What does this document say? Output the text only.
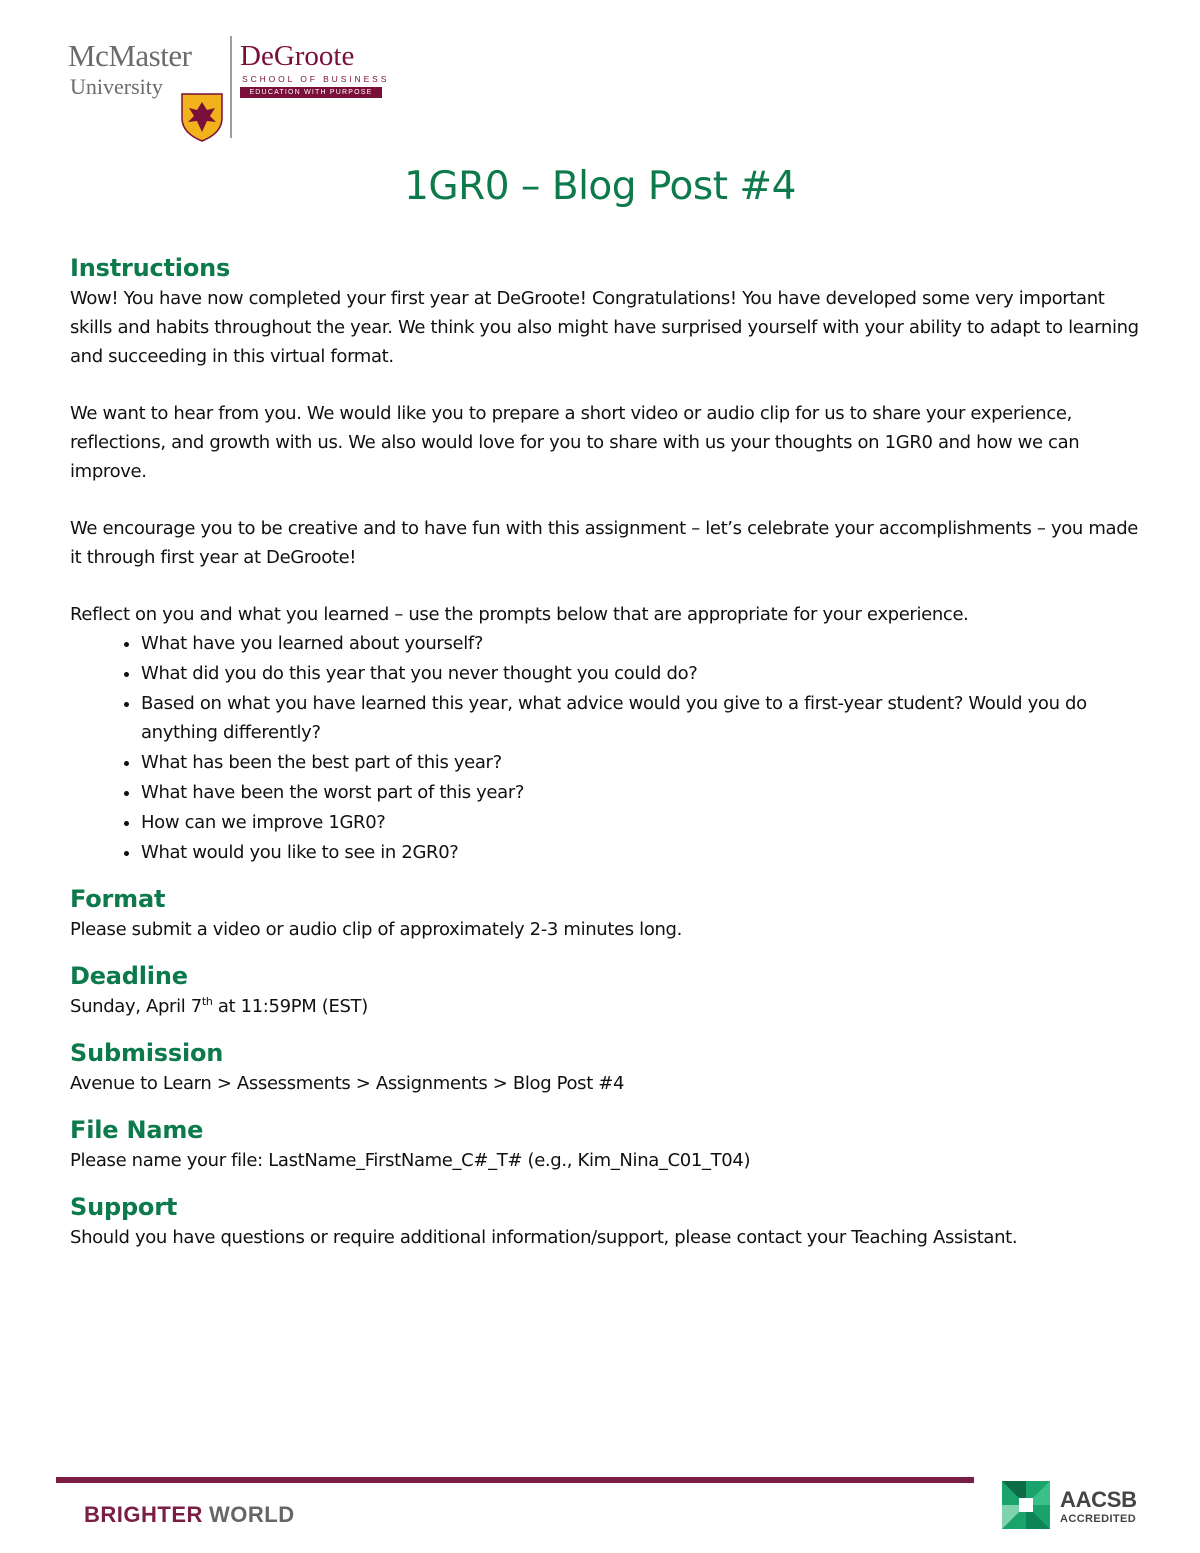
McMaster
University
DeGroote
SCHOOL OF BUSINESS
EDUCATION WITH PURPOSE
1GR0 – Blog Post #4
Instructions

Wow! You have now completed your first year at DeGroote! Congratulations! You have developed some very important skills and habits throughout the year. We think you also might have surprised yourself with your ability to adapt to learning and succeeding in this virtual format.

We want to hear from you. We would like you to prepare a short video or audio clip for us to share your experience, reflections, and growth with us. We also would love for you to share with us your thoughts on 1GR0 and how we can improve.

We encourage you to be creative and to have fun with this assignment – let’s celebrate your accomplishments – you made it through first year at DeGroote!

Reflect on you and what you learned – use the prompts below that are appropriate for your experience.

• What have you learned about yourself?
• What did you do this year that you never thought you could do?
• Based on what you have learned this year, what advice would you give to a first-year student? Would you do anything differently?
• What has been the best part of this year?
• What have been the worst part of this year?
• How can we improve 1GR0?
• What would you like to see in 2GR0?
Format

Please submit a video or audio clip of approximately 2-3 minutes long.

Deadline

Sunday, April 7th at 11:59PM (EST)

Submission

Avenue to Learn > Assessments > Assignments > Blog Post #4

File Name

Please name your file: LastName_FirstName_C#_T# (e.g., Kim_Nina_C01_T04)

Support

Should you have questions or require additional information/support, please contact your Teaching Assistant.

BRIGHTER WORLD
AACSB
ACCREDITED
